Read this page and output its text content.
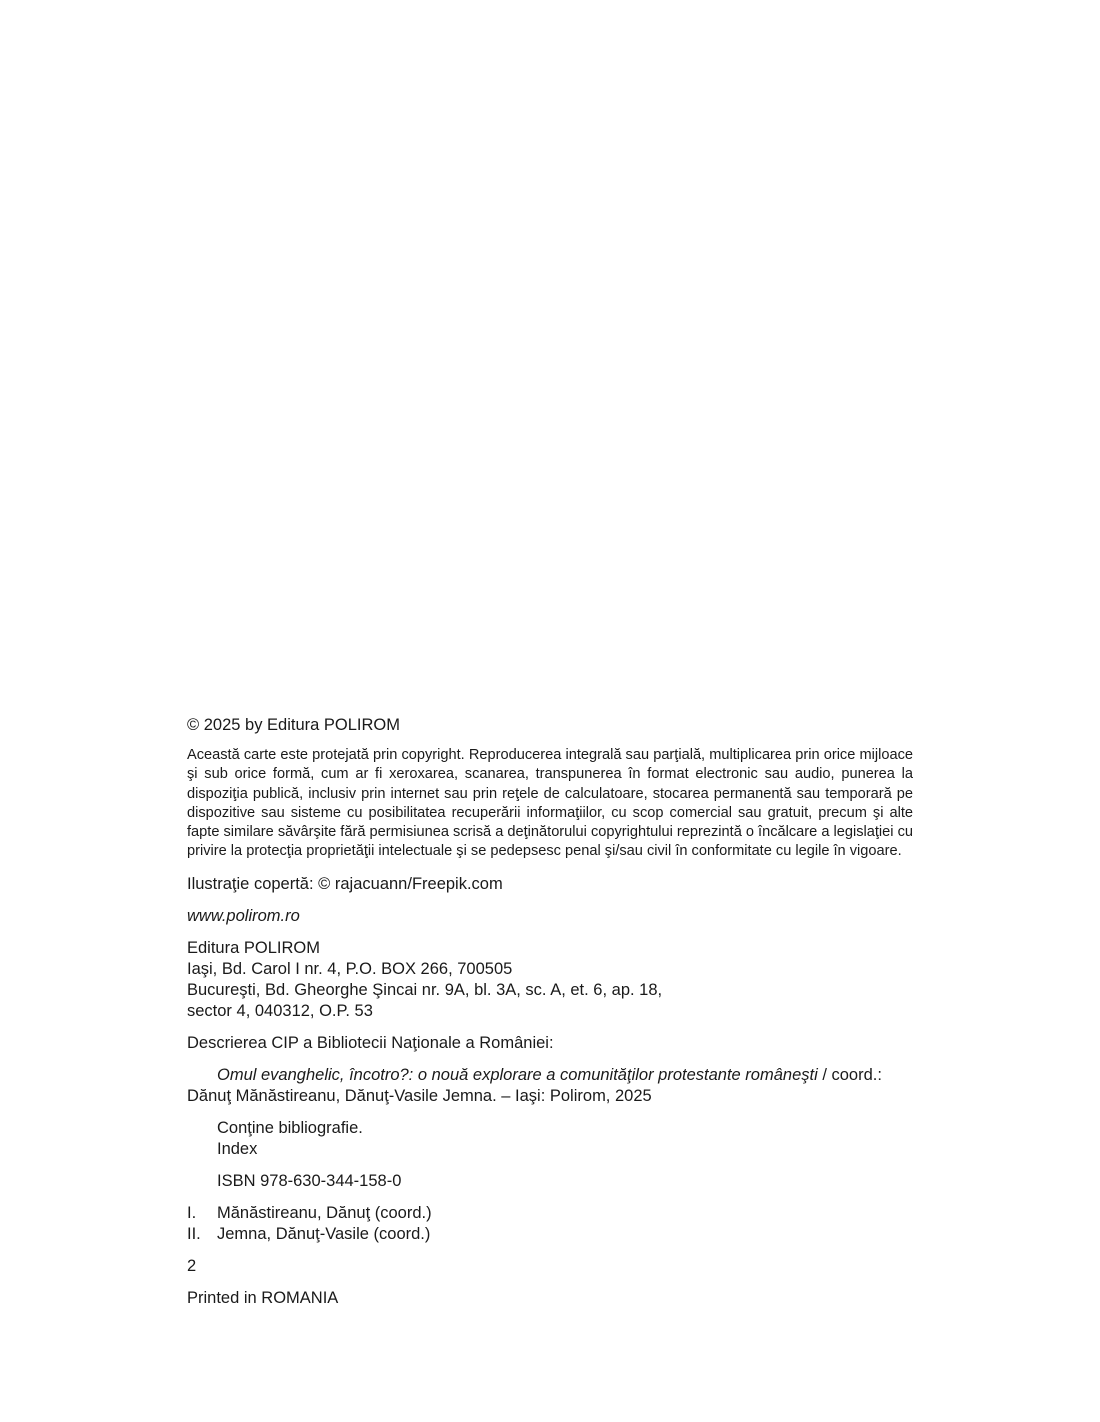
© 2025 by Editura POLIROM

Această carte este protejată prin copyright. Reproducerea integrală sau parţială, multiplicarea prin orice mijloace şi sub orice formă, cum ar fi xeroxarea, scanarea, transpunerea în format electronic sau audio, punerea la dispoziţia publică, inclusiv prin internet sau prin reţele de calculatoare, stocarea permanentă sau temporară pe dispozitive sau sisteme cu posibilitatea recuperării informaţiilor, cu scop comercial sau gratuit, precum şi alte fapte similare săvârşite fără permisiunea scrisă a deţinătorului copyrightului reprezintă o încălcare a legislaţiei cu privire la protecţia proprietăţii intelectuale şi se pedepsesc penal şi/sau civil în conformitate cu legile în vigoare.

Ilustraţie copertă: © rajacuann/Freepik.com

www.polirom.ro

Editura POLIROM
Iaşi, Bd. Carol I nr. 4, P.O. BOX 266, 700505
Bucureşti, Bd. Gheorghe Şincai nr. 9A, bl. 3A, sc. A, et. 6, ap. 18,
sector 4, 040312, O.P. 53

Descrierea CIP a Bibliotecii Naţionale a României:

Omul evanghelic, încotro?: o nouă explorare a comunităţilor protestante româneşti / coord.: Dănuţ Mănăstireanu, Dănuţ-Vasile Jemna. – Iaşi: Polirom, 2025

Conţine bibliografie.
Index

ISBN 978-630-344-158-0

I.	Mănăstireanu, Dănuţ (coord.)
II. Jemna, Dănuţ-Vasile (coord.)

2

Printed in ROMANIA
